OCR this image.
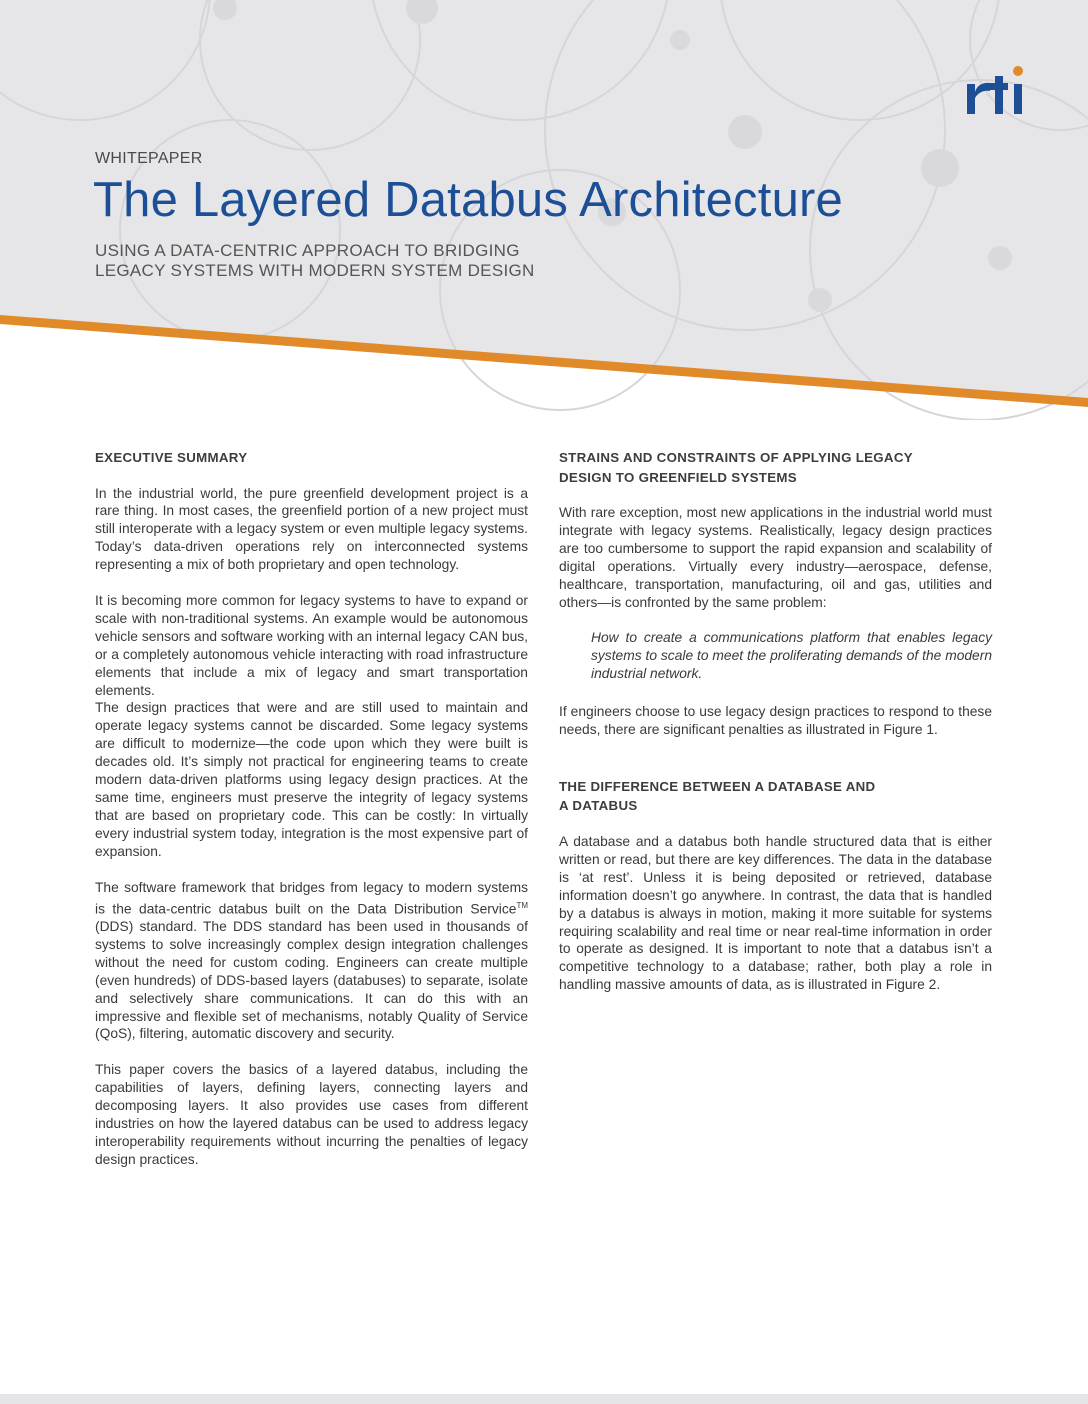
rti

WHITEPAPER

The Layered Databus Architecture
USING A DATA-CENTRIC APPROACH TO BRIDGING
LEGACY SYSTEMS WITH MODERN SYSTEM DESIGN
EXECUTIVE SUMMARY

In the industrial world, the pure greenfield development project is a rare thing. In most cases, the greenfield portion of a new project must still interoperate with a legacy system or even multiple legacy systems. Today’s data-driven operations rely on interconnected systems representing a mix of both proprietary and open technology.

It is becoming more common for legacy systems to have to expand or scale with non-traditional systems. An example would be autonomous vehicle sensors and software working with an internal legacy CAN bus, or a completely autonomous vehicle interacting with road infrastructure elements that include a mix of legacy and smart transportation elements.

The design practices that were and are still used to maintain and operate legacy systems cannot be discarded. Some legacy systems are difficult to modernize—the code upon which they were built is decades old. It’s simply not practical for engineering teams to create modern data-driven platforms using legacy design practices. At the same time, engineers must preserve the integrity of legacy systems that are based on proprietary code. This can be costly: In virtually every industrial system today, integration is the most expensive part of expansion.

The software framework that bridges from legacy to modern systems is the data-centric databus built on the Data Distribution Service™ (DDS) standard. The DDS standard has been used in thousands of systems to solve increasingly complex design integration challenges without the need for custom coding. Engineers can create multiple (even hundreds) of DDS-based layers (databuses) to separate, isolate and selectively share communications. It can do this with an impressive and flexible set of mechanisms, notably Quality of Service (QoS), filtering, automatic discovery and security.

This paper covers the basics of a layered databus, including the capabilities of layers, defining layers, connecting layers and decomposing layers. It also provides use cases from different industries on how the layered databus can be used to address legacy interoperability requirements without incurring the penalties of legacy design practices.

STRAINS AND CONSTRAINTS OF APPLYING LEGACY
DESIGN TO GREENFIELD SYSTEMS

With rare exception, most new applications in the industrial world must integrate with legacy systems. Realistically, legacy design practices are too cumbersome to support the rapid expansion and scalability of digital operations. Virtually every industry—aerospace, defense, healthcare, transportation, manufacturing, oil and gas, utilities and others—is confronted by the same problem:

How to create a communications platform that enables legacy systems to scale to meet the proliferating demands of the modern industrial network.

If engineers choose to use legacy design practices to respond to these needs, there are significant penalties as illustrated in Figure 1.

THE DIFFERENCE BETWEEN A DATABASE AND
A DATABUS

A database and a databus both handle structured data that is either written or read, but there are key differences. The data in the database is ‘at rest’. Unless it is being deposited or retrieved, database information doesn’t go anywhere. In contrast, the data that is handled by a databus is always in motion, making it more suitable for systems requiring scalability and real time or near real-time information in order to operate as designed. It is important to note that a databus isn’t a competitive technology to a database; rather, both play a role in handling massive amounts of data, as is illustrated in Figure 2.
